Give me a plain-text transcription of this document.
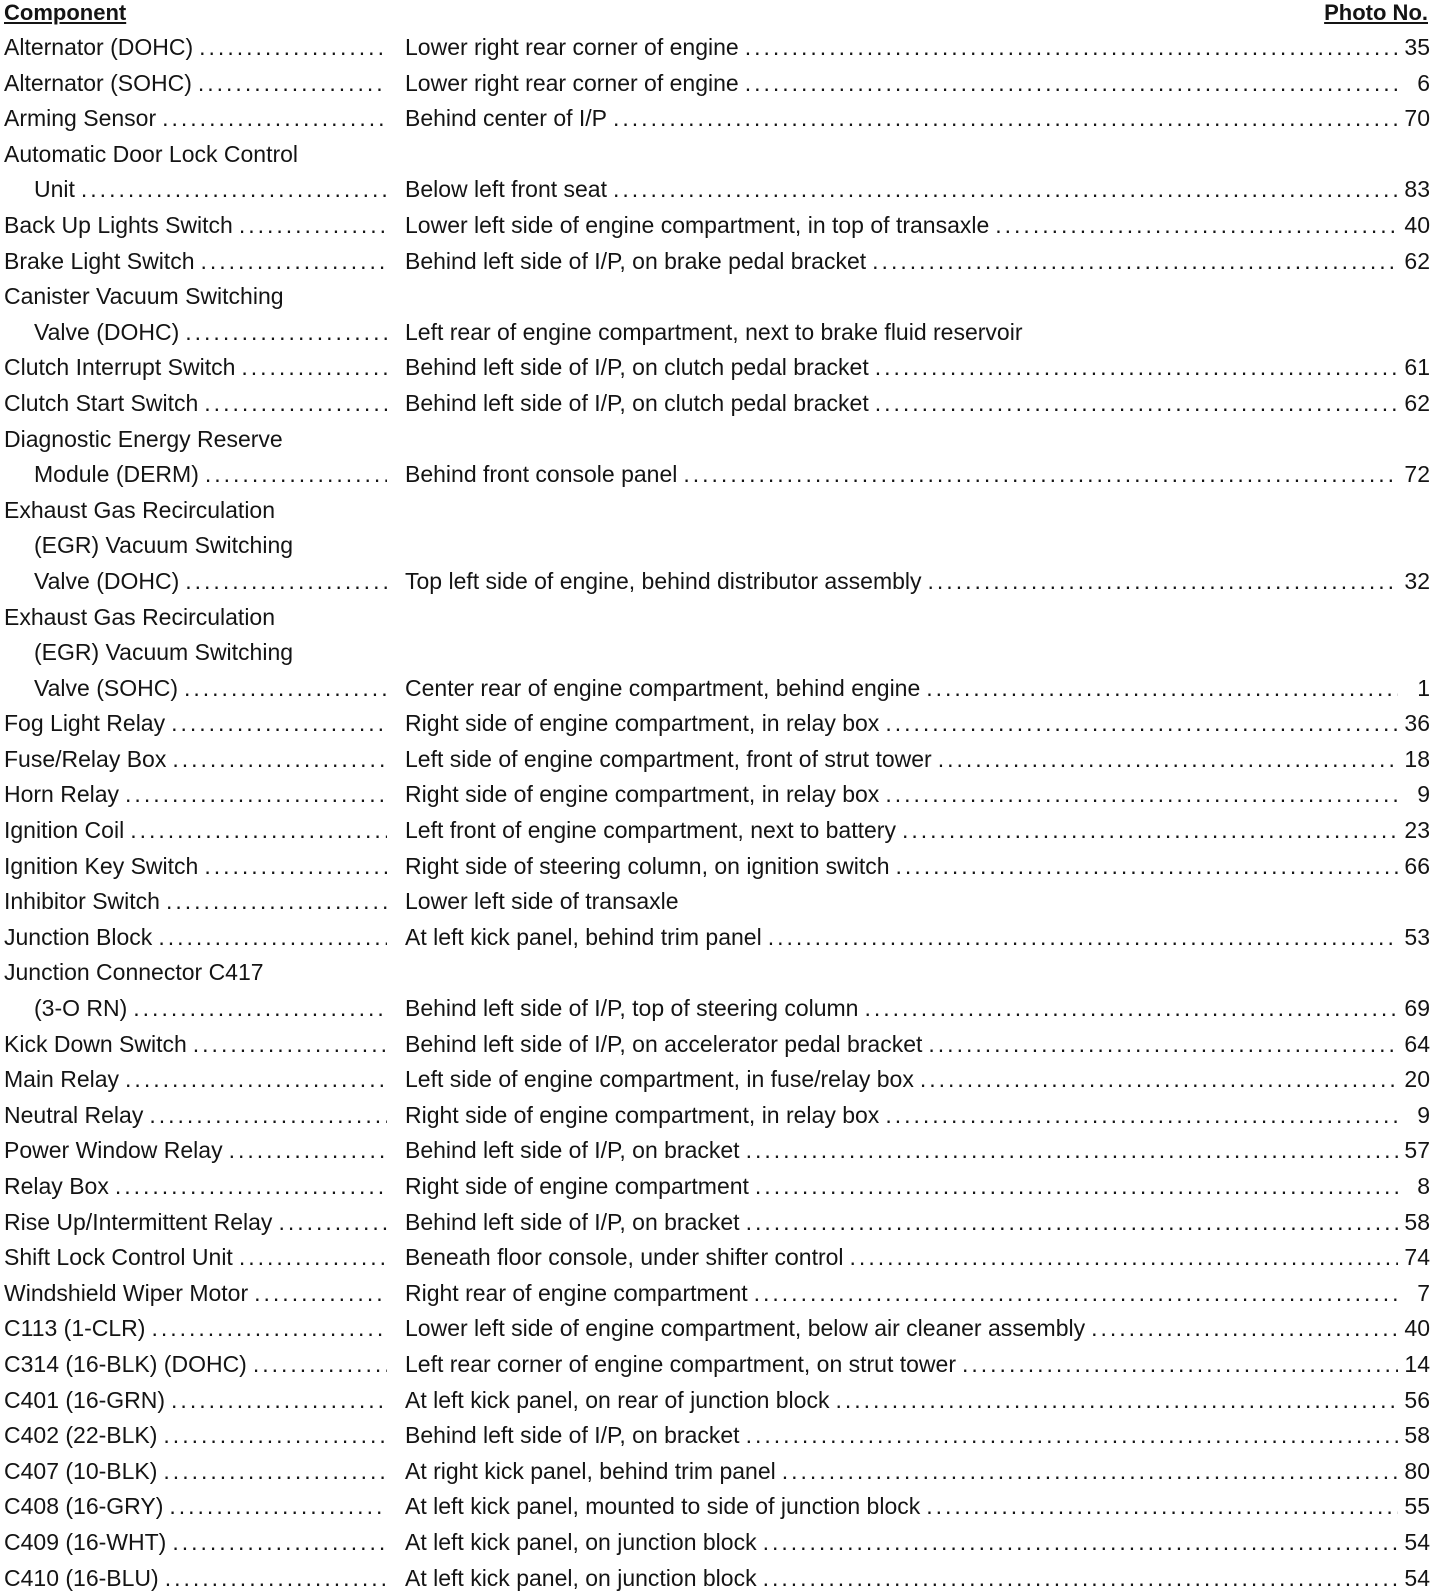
Component	Photo No.
Alternator (DOHC) .....	Lower right rear corner of engine .....	35
Alternator (SOHC) .....	Lower right rear corner of engine .....	6
Arming Sensor .....	Behind center of I/P .....	70
Automatic Door Lock Control
Unit .....	Below left front seat .....	83
Back Up Lights Switch .....	Lower left side of engine compartment, in top of transaxle .....	40
Brake Light Switch .....	Behind left side of I/P, on brake pedal bracket .....	62
Canister Vacuum Switching
Valve (DOHC) .....	Left rear of engine compartment, next to brake fluid reservoir
Clutch Interrupt Switch .....	Behind left side of I/P, on clutch pedal bracket .....	61
Clutch Start Switch .....	Behind left side of I/P, on clutch pedal bracket .....	62
Diagnostic Energy Reserve
Module (DERM) .....	Behind front console panel .....	72
Exhaust Gas Recirculation
(EGR) Vacuum Switching
Valve (DOHC) .....	Top left side of engine, behind distributor assembly .....	32
Exhaust Gas Recirculation
(EGR) Vacuum Switching
Valve (SOHC) .....	Center rear of engine compartment, behind engine .....	1
Fog Light Relay .....	Right side of engine compartment, in relay box .....	36
Fuse/Relay Box .....	Left side of engine compartment, front of strut tower .....	18
Horn Relay .....	Right side of engine compartment, in relay box .....	9
Ignition Coil .....	Left front of engine compartment, next to battery .....	23
Ignition Key Switch .....	Right side of steering column, on ignition switch .....	66
Inhibitor Switch .....	Lower left side of transaxle
Junction Block .....	At left kick panel, behind trim panel .....	53
Junction Connector C417
(3-O RN) .....	Behind left side of I/P, top of steering column .....	69
Kick Down Switch .....	Behind left side of I/P, on accelerator pedal bracket .....	64
Main Relay .....	Left side of engine compartment, in fuse/relay box .....	20
Neutral Relay .....	Right side of engine compartment, in relay box .....	9
Power Window Relay .....	Behind left side of I/P, on bracket .....	57
Relay Box .....	Right side of engine compartment .....	8
Rise Up/Intermittent Relay .....	Behind left side of I/P, on bracket .....	58
Shift Lock Control Unit .....	Beneath floor console, under shifter control .....	74
Windshield Wiper Motor .....	Right rear of engine compartment .....	7
C113 (1-CLR) .....	Lower left side of engine compartment, below air cleaner assembly .....	40
C314 (16-BLK) (DOHC) .....	Left rear corner of engine compartment, on strut tower .....	14
C401 (16-GRN) .....	At left kick panel, on rear of junction block .....	56
C402 (22-BLK) .....	Behind left side of I/P, on bracket .....	58
C407 (10-BLK) .....	At right kick panel, behind trim panel .....	80
C408 (16-GRY) .....	At left kick panel, mounted to side of junction block .....	55
C409 (16-WHT) .....	At left kick panel, on junction block .....	54
C410 (16-BLU) .....	At left kick panel, on junction block .....	54
